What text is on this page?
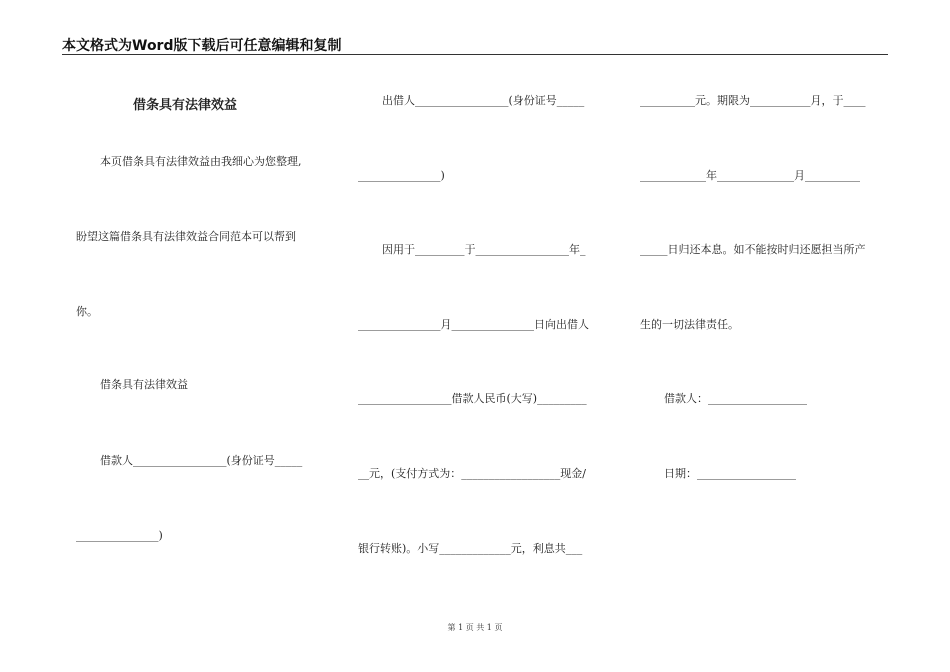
本文格式为Word版下载后可任意编辑和复制
借条具有法律效益
本页借条具有法律效益由我细心为您整理,
盼望这篇借条具有法律效益合同范本可以帮到
你。
借条具有法律效益
借款人_________________(身份证号_____
_______________)
出借人_________________(身份证号_____
_______________)
因用于_________于_________________年_
_______________月_______________日向出借人
_________________借款人民币(大写)_________
__元，(支付方式为：__________________现金/
银行转账)。小写_____________元，利息共___
__________元。期限为___________月，于____
____________年______________月__________
_____日归还本息。如不能按时归还愿担当所产
生的一切法律责任。
借款人：__________________
日期：__________________
第 1 页 共 1 页
